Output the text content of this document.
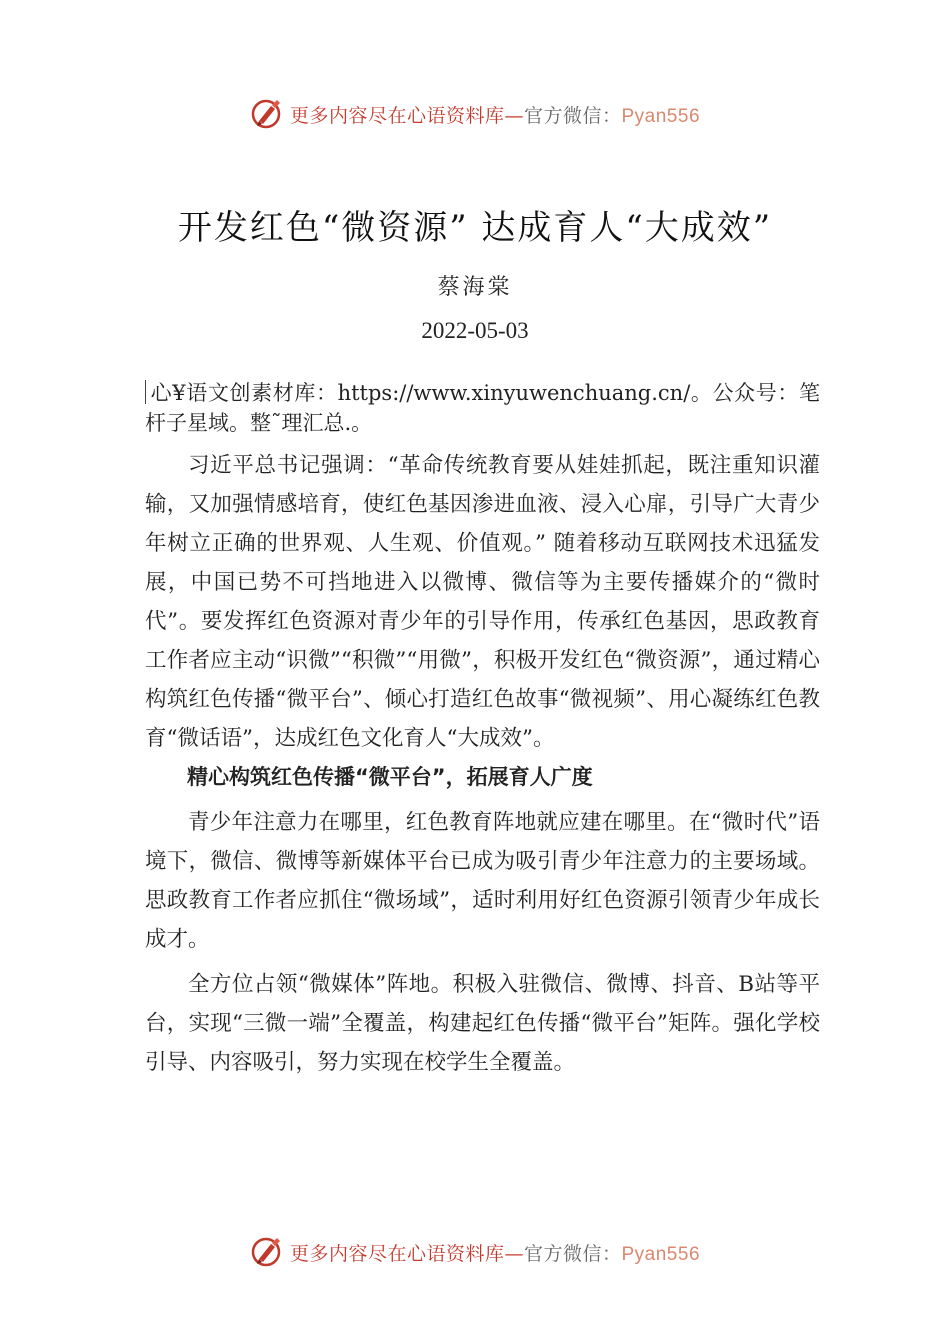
更多内容尽在心语资料库—官方微信：Pyan556
开发红色“微资源” 达成育人“大成效”
蔡海棠
2022-05-03

心¥语文创素材库：https://www.xinyuwenchuang.cn/。公众号：笔杆子星域。整˜理汇总.。

习近平总书记强调：“革命传统教育要从娃娃抓起，既注重知识灌输，又加强情感培育，使红色基因渗进血液、浸入心扉，引导广大青少年树立正确的世界观、人生观、价值观。” 随着移动互联网技术迅猛发展，中国已势不可挡地进入以微博、微信等为主要传播媒介的“微时代”。要发挥红色资源对青少年的引导作用，传承红色基因，思政教育工作者应主动“识微”“积微”“用微”，积极开发红色“微资源”，通过精心构筑红色传播“微平台”、倾心打造红色故事“微视频”、用心凝练红色教育“微话语”，达成红色文化育人“大成效”。

精心构筑红色传播“微平台”，拓展育人广度

青少年注意力在哪里，红色教育阵地就应建在哪里。在“微时代”语境下，微信、微博等新媒体平台已成为吸引青少年注意力的主要场域。思政教育工作者应抓住“微场域”，适时利用好红色资源引领青少年成长成才。

全方位占领“微媒体”阵地。积极入驻微信、微博、抖音、B站等平台，实现“三微一端”全覆盖，构建起红色传播“微平台”矩阵。强化学校引导、内容吸引，努力实现在校学生全覆盖。

更多内容尽在心语资料库—官方微信：Pyan556
